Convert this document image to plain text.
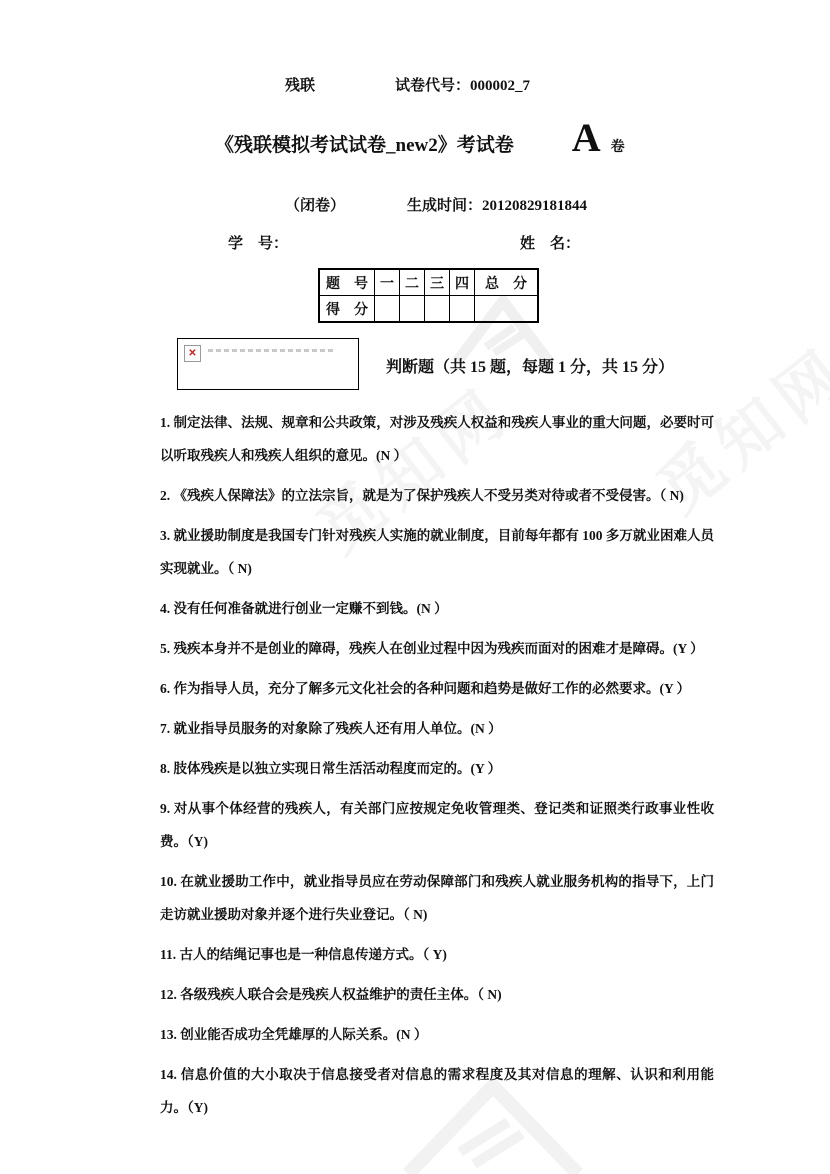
残联	试卷代号：000002_7
《残联模拟考试试卷_new2》考试卷 A 卷
（闭卷）	生成时间：20120829181844
学　号：	姓　名：
题　号	一	二	三	四	总　分
得　分					
✕
判断题（共 15 题，每题 1 分，共 15 分）

1. 制定法律、法规、规章和公共政策，对涉及残疾人权益和残疾人事业的重大问题，必要时可以听取残疾人和残疾人组织的意见。(N ）

2. 《残疾人保障法》的立法宗旨，就是为了保护残疾人不受另类对待或者不受侵害。（ N)

3. 就业援助制度是我国专门针对残疾人实施的就业制度，目前每年都有 100 多万就业困难人员实现就业。（ N)

4. 没有任何准备就进行创业一定赚不到钱。(N ）

5. 残疾本身并不是创业的障碍，残疾人在创业过程中因为残疾而面对的困难才是障碍。(Y ）

6. 作为指导人员，充分了解多元文化社会的各种问题和趋势是做好工作的必然要求。(Y ）

7. 就业指导员服务的对象除了残疾人还有用人单位。(N ）

8. 肢体残疾是以独立实现日常生活活动程度而定的。(Y ）

9. 对从事个体经营的残疾人，有关部门应按规定免收管理类、登记类和证照类行政事业性收费。（Y)

10. 在就业援助工作中，就业指导员应在劳动保障部门和残疾人就业服务机构的指导下，上门走访就业援助对象并逐个进行失业登记。（ N)

11. 古人的结绳记事也是一种信息传递方式。（ Y)

12. 各级残疾人联合会是残疾人权益维护的责任主体。（ N)

13. 创业能否成功全凭雄厚的人际关系。(N ）

14. 信息价值的大小取决于信息接受者对信息的需求程度及其对信息的理解、认识和利用能力。（Y)
